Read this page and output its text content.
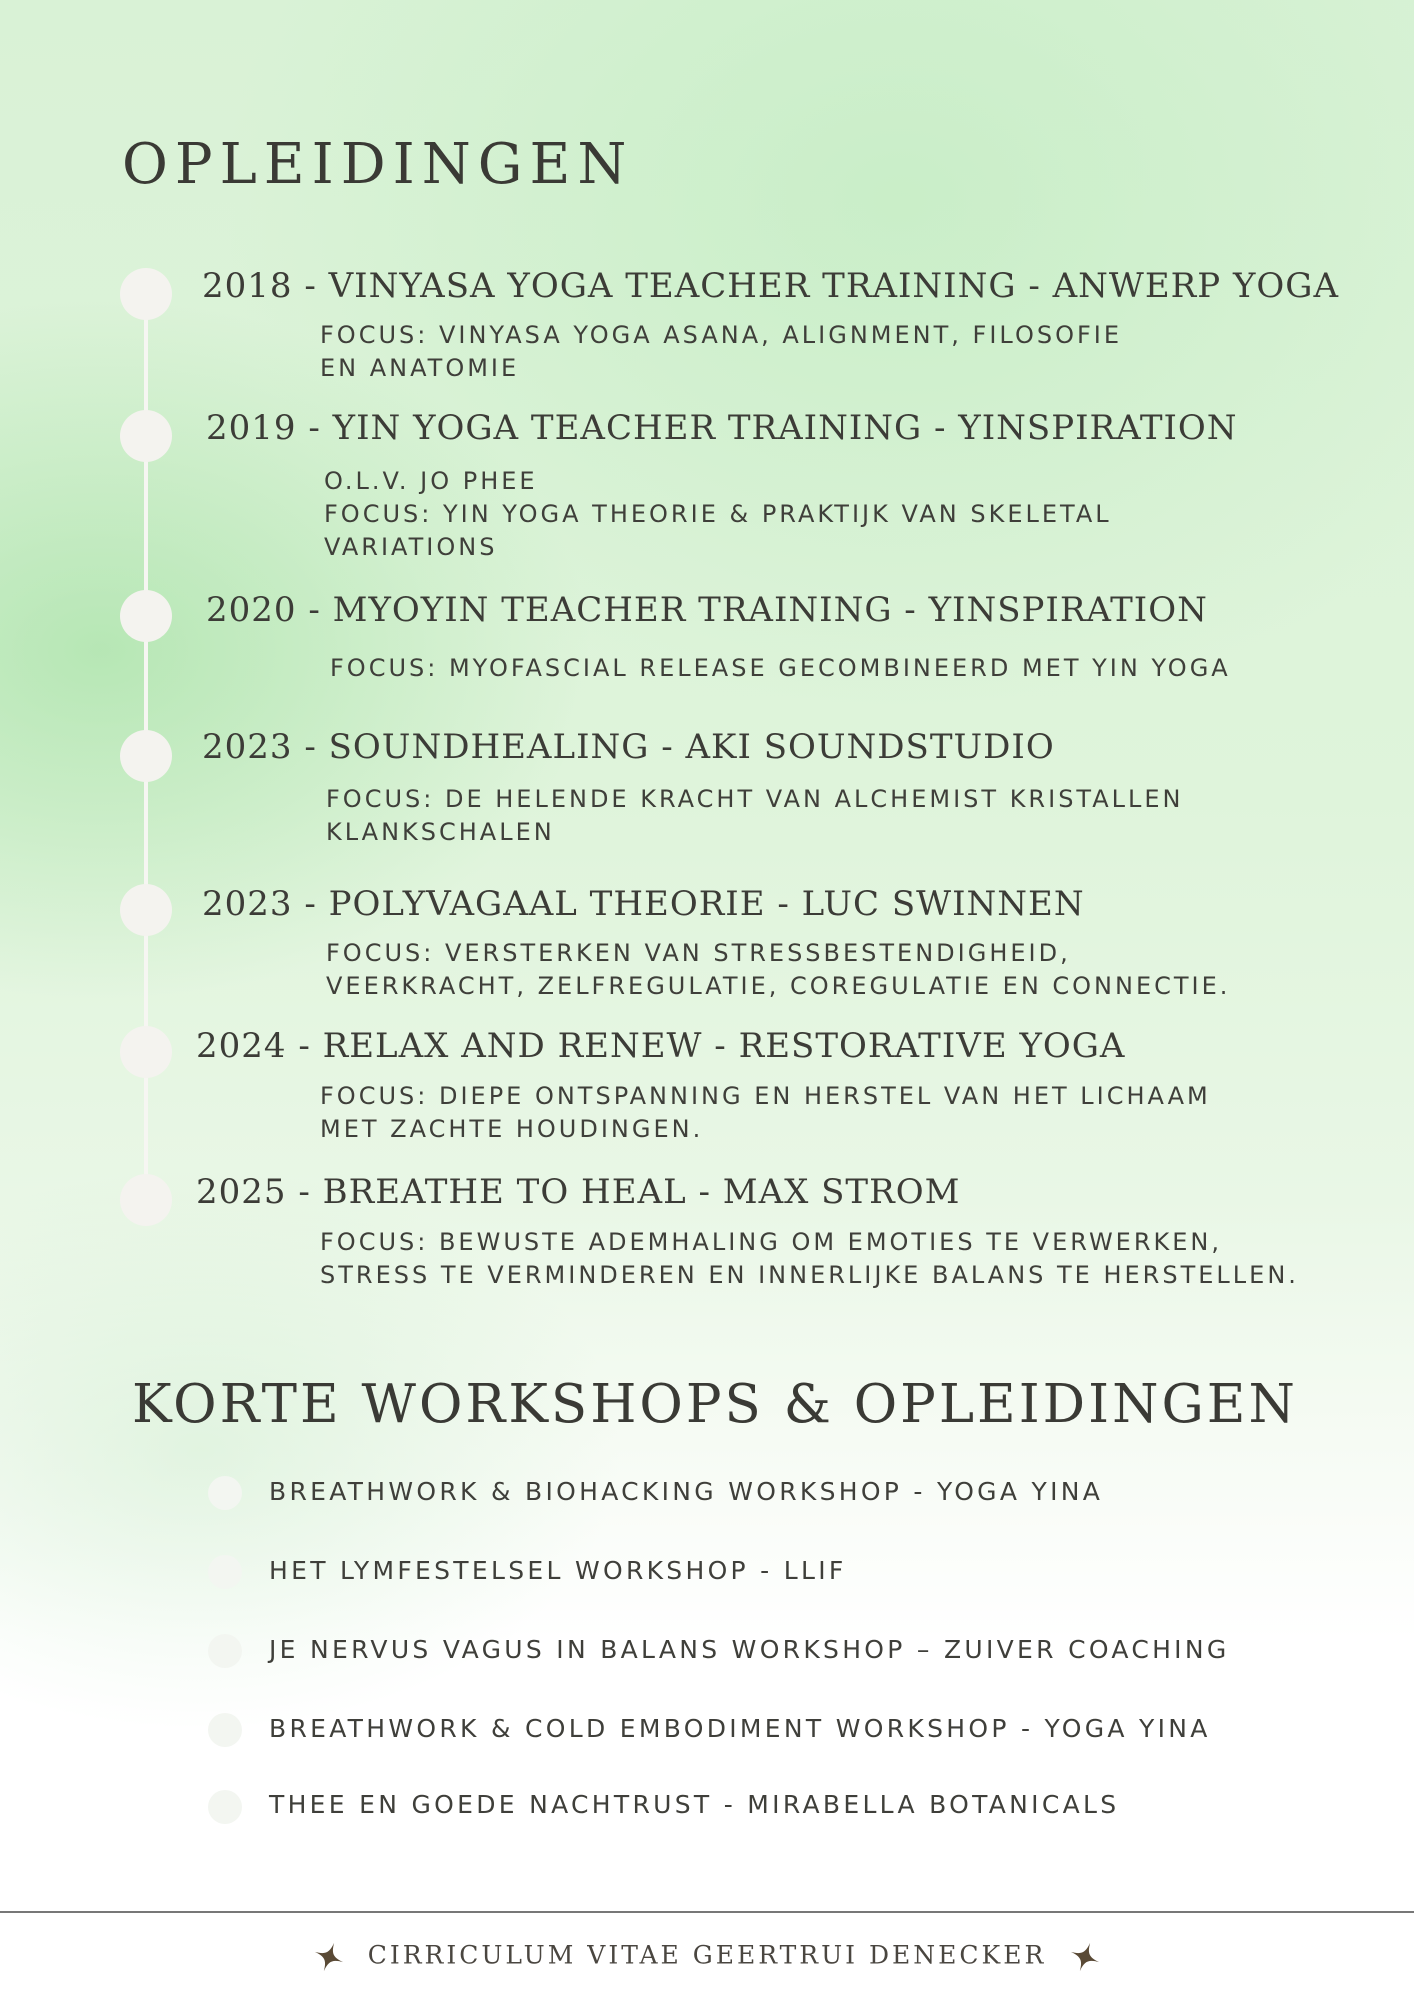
OPLEIDINGEN
2018 - VINYASA YOGA TEACHER TRAINING - ANWERP YOGA
FOCUS: VINYASA YOGA ASANA, ALIGNMENT, FILOSOFIE
EN ANATOMIE
2019 - YIN YOGA TEACHER TRAINING - YINSPIRATION
O.L.V. JO PHEE
FOCUS: YIN YOGA THEORIE & PRAKTIJK VAN SKELETAL
VARIATIONS
2020 - MYOYIN TEACHER TRAINING - YINSPIRATION
FOCUS: MYOFASCIAL RELEASE GECOMBINEERD MET YIN YOGA
2023 - SOUNDHEALING - AKI SOUNDSTUDIO
FOCUS: DE HELENDE KRACHT VAN ALCHEMIST KRISTALLEN
KLANKSCHALEN
2023 - POLYVAGAAL THEORIE - LUC SWINNEN
FOCUS: VERSTERKEN VAN STRESSBESTENDIGHEID,
VEERKRACHT, ZELFREGULATIE, COREGULATIE EN CONNECTIE.
2024 - RELAX AND RENEW - RESTORATIVE YOGA
FOCUS: DIEPE ONTSPANNING EN HERSTEL VAN HET LICHAAM
MET ZACHTE HOUDINGEN.
2025 - BREATHE TO HEAL - MAX STROM
FOCUS: BEWUSTE ADEMHALING OM EMOTIES TE VERWERKEN,
STRESS TE VERMINDEREN EN INNERLIJKE BALANS TE HERSTELLEN.
KORTE WORKSHOPS & OPLEIDINGEN
BREATHWORK & BIOHACKING WORKSHOP - YOGA YINA
HET LYMFESTELSEL WORKSHOP - LLIF
JE NERVUS VAGUS IN BALANS WORKSHOP – ZUIVER COACHING
BREATHWORK & COLD EMBODIMENT WORKSHOP - YOGA YINA
THEE EN GOEDE NACHTRUST - MIRABELLA BOTANICALS
CIRRICULUM VITAE GEERTRUI DENECKER
